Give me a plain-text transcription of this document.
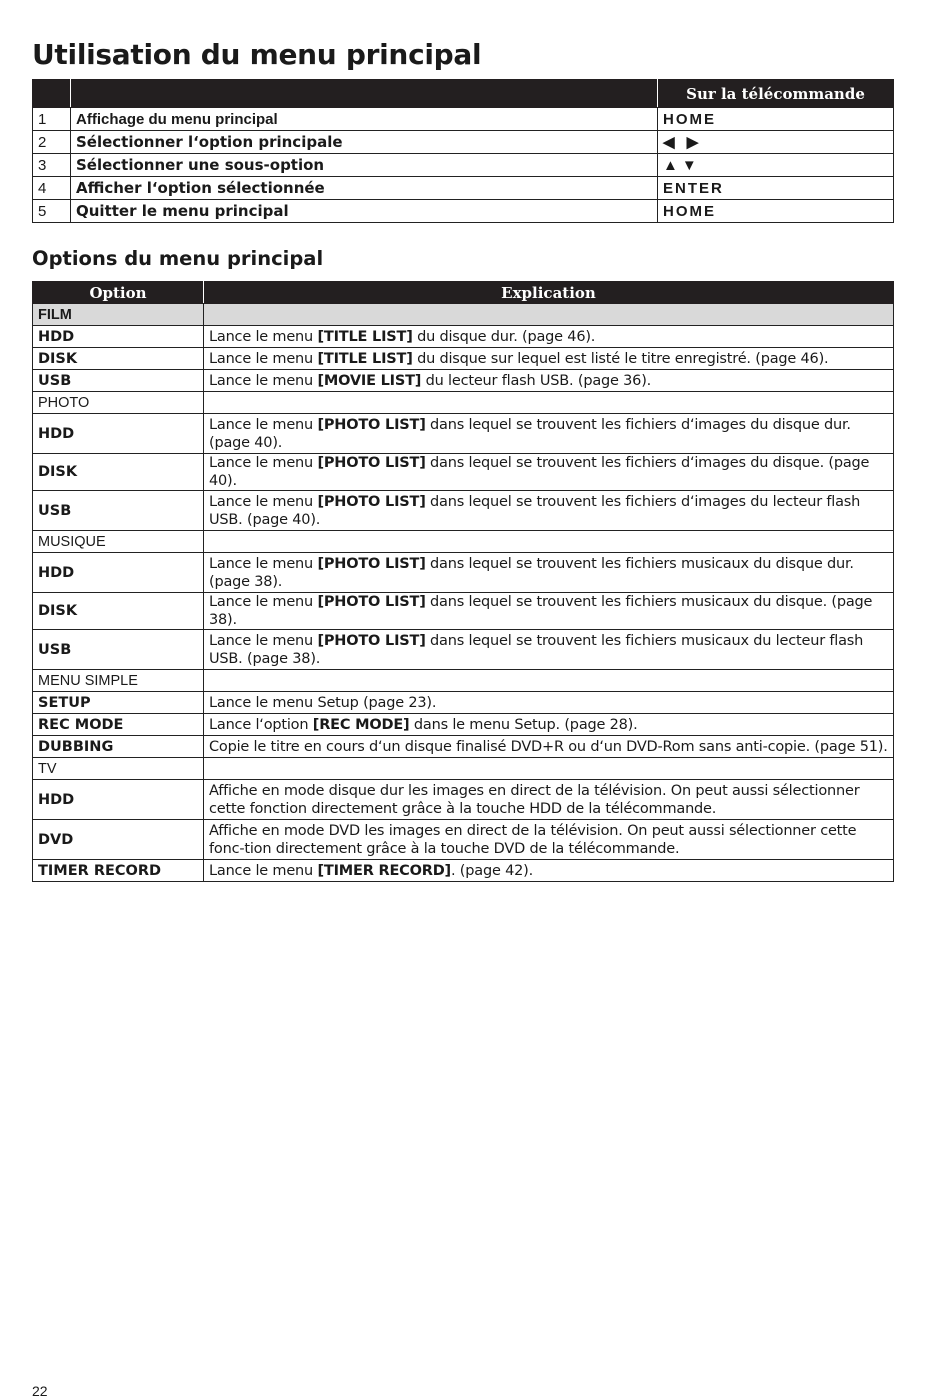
Utilisation du menu principal
		Sur la télécommande
1	Affichage du menu principal	HOME
2	Sélectionner l‘option principale	◀ ▶
3	Sélectionner une sous-option	▲▼
4	Afficher l‘option sélectionnée	ENTER
5	Quitter le menu principal	HOME
Options du menu principal
Option	Explication
FILM	
HDD	Lance le menu [TITLE LIST] du disque dur. (page 46).
DISK	Lance le menu [TITLE LIST] du disque sur lequel est listé le titre enregistré. (page 46).
USB	Lance le menu [MOVIE LIST] du lecteur flash USB. (page 36).
PHOTO	
HDD	Lance le menu [PHOTO LIST] dans lequel se trouvent les fichiers d‘images du disque dur. (page 40).
DISK	Lance le menu [PHOTO LIST] dans lequel se trouvent les fichiers d‘images du disque. (page 40).
USB	Lance le menu [PHOTO LIST] dans lequel se trouvent les fichiers d‘images du lecteur flash USB. (page 40).
MUSIQUE	
HDD	Lance le menu [PHOTO LIST] dans lequel se trouvent les fichiers musicaux du disque dur. (page 38).
DISK	Lance le menu [PHOTO LIST] dans lequel se trouvent les fichiers musicaux du disque. (page 38).
USB	Lance le menu [PHOTO LIST] dans lequel se trouvent les fichiers musicaux du lecteur flash USB. (page 38).
MENU SIMPLE	
SETUP	Lance le menu Setup (page 23).
REC MODE	Lance l‘option [REC MODE] dans le menu Setup. (page 28).
DUBBING	Copie le titre en cours d‘un disque finalisé DVD+R ou d‘un DVD-Rom sans anti-copie. (page 51).
TV	
HDD	Affiche en mode disque dur les images en direct de la télévision. On peut aussi sélectionner cette fonction directement grâce à la touche HDD de la télécommande.
DVD	Affiche en mode DVD les images en direct de la télévision. On peut aussi sélectionner cette fonc-tion directement grâce à la touche DVD de la télécommande.
TIMER RECORD	Lance le menu [TIMER RECORD]. (page 42).
22
